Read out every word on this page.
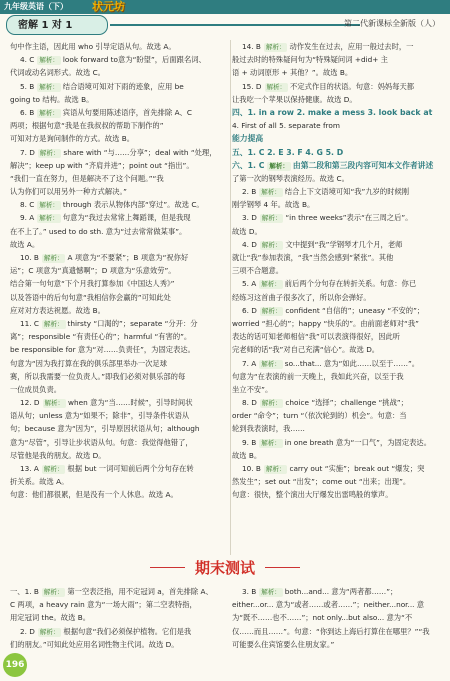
九年级英语（下） 状元坊
密解 1 对 1	第二代新课标全新版（人）
句中作主语，因此用 who 引导定语从句。故选 A。
4. C 解析： look forward to意为“盼望”，后面跟名词、
代词或动名词形式。故选 C。
5. B 解析： 结合语境可知对下雨的迹象，应用 be
going to 结构。故选 B。
6. B 解析： 宾语从句要用陈述语序，首先排除 A、C
两项；根据句意“我是在我叔叔的帮助下制作的”
可知对方是询问制作的方式。故选 B。
7. D 解析： share with “与……分享”；deal with “处理，
解决”；keep up with “齐肩并进”；point out “指出”。
“我们一直在努力，但是解决不了这个问题。”“我
认为你们可以用另外一种方式解决。”
8. C 解析： through 表示从物体内部“穿过”。故选 C。
9. A 解析： 句意为“我过去常常上舞蹈课，但是我现
在不上了。” used to do sth. 意为“过去常常做某事”。
故选 A。
10. B 解析： A 项意为“不要紧”；B 项意为“祝你好
运”；C 项意为“真遗憾啊”；D 项意为“乐意效劳”。
结合第一句句意“下个月我打算参加《中国达人秀》”
以及答语中的后句句意“我相信你会赢的”可知此处
应对对方表达祝愿。故选 B。
11. C 解析： thirsty “口渴的”；separate “分开：分
离”；responsible “有责任心的”；harmful “有害的”。
be responsible for 意为“对……负责任”，为固定表达。
句意为“因为我打算在我的俱乐部里举办一次足球
赛，所以我需要一位负责人。”即我们必须对俱乐部的每
一位成员负责。
12. D 解析： when 意为“当……时候”，引导时间状
语从句；unless 意为“如果不；除非”，引导条件状语从
句；because 意为“因为”，引导原因状语从句；although
意为“尽管”，引导让步状语从句。句意：我觉得他错了，
尽管他是我的朋友。故选 D。
13. A 解析： 根据 but 一词可知前后两个分句存在转
折关系。故选 A。
句意：他们都很累，但是没有一个人休息。故选 A。
14. B 解析： 动作发生在过去，应用一般过去时，一
般过去时的特殊疑问句为“特殊疑问词 +did+ 主
语 + 动词原形 + 其他？”。故选 B。
15. D 解析： 不定式作目的状语。句意：妈妈每天都
让我吃一个苹果以保持健康。故选 D。
四、1. in a row 2. make a mess 3. look back at
4. First of all 5. separate from
能力提高
五、1. C 2. E 3. F 4. G 5. D
六、1. C 解析： 由第二段和第三段内容可知本文作者讲述
了第一次的钢琴表演经历。故选 C。
2. B 解析： 结合上下文语境可知“我”九岁的时候刚
刚学钢琴 4 年。故选 B。
3. D 解析： “in three weeks”表示“在三周之后”。
故选 D。
4. D 解析： 文中提到“我”学钢琴才几个月，老师
就让“我”参加表演，“我”当然会感到“紧张”。其他
三项不合题意。
5. A 解析： 前后两个分句存在转折关系。句意：你已
经练习这首曲子很多次了，所以你会弹好。
6. D 解析： confident “自信的”；uneasy “不安的”；
worried “担心的”；happy “快乐的”。由前面老师对“我”
表达的话可知老师相信“我”可以表演得很好，因此听
完老师的话“我”对自己充满“信心”。故选 D。
7. A 解析： so...that... 意为“如此……以至于……”。
句意为“在表演的前一天晚上，我如此兴奋，以至于我
坐立不安”。
8. D 解析： choice “选择”；challenge “挑战”；
order “命令”；turn “（依次轮到的）机会”。句意：当
轮到我表演时，我……
9. B 解析： in one breath 意为“一口气”，为固定表达。
故选 B。
10. B 解析： carry out “实施”；break out “爆发；突
然发生”；set out “出发”；come out “出来；出现”。
句意：很快，整个演出大厅爆发出雷鸣般的掌声。
期末测试
一、1. B 解析： 第一空表泛指，用不定冠词 a，首先排除 A、
C 两项，a heavy rain 意为“一场大雨”；第二空表特指，
用定冠词 the。故选 B。
2. D 解析： 根据句意“我们必须保护植物。它们是我
们的朋友。”可知此处应用名词性物主代词。故选 D。
3. B 解析： both...and... 意为“两者都……”；
either...or... 意为“或者……或者……”；neither...nor... 意
为“既不……也不……”；not only...but also... 意为“不
仅……而且……”。句意：“你到达上海后打算住在哪里？”“我
可能要么住宾馆要么住朋友家。”
196
